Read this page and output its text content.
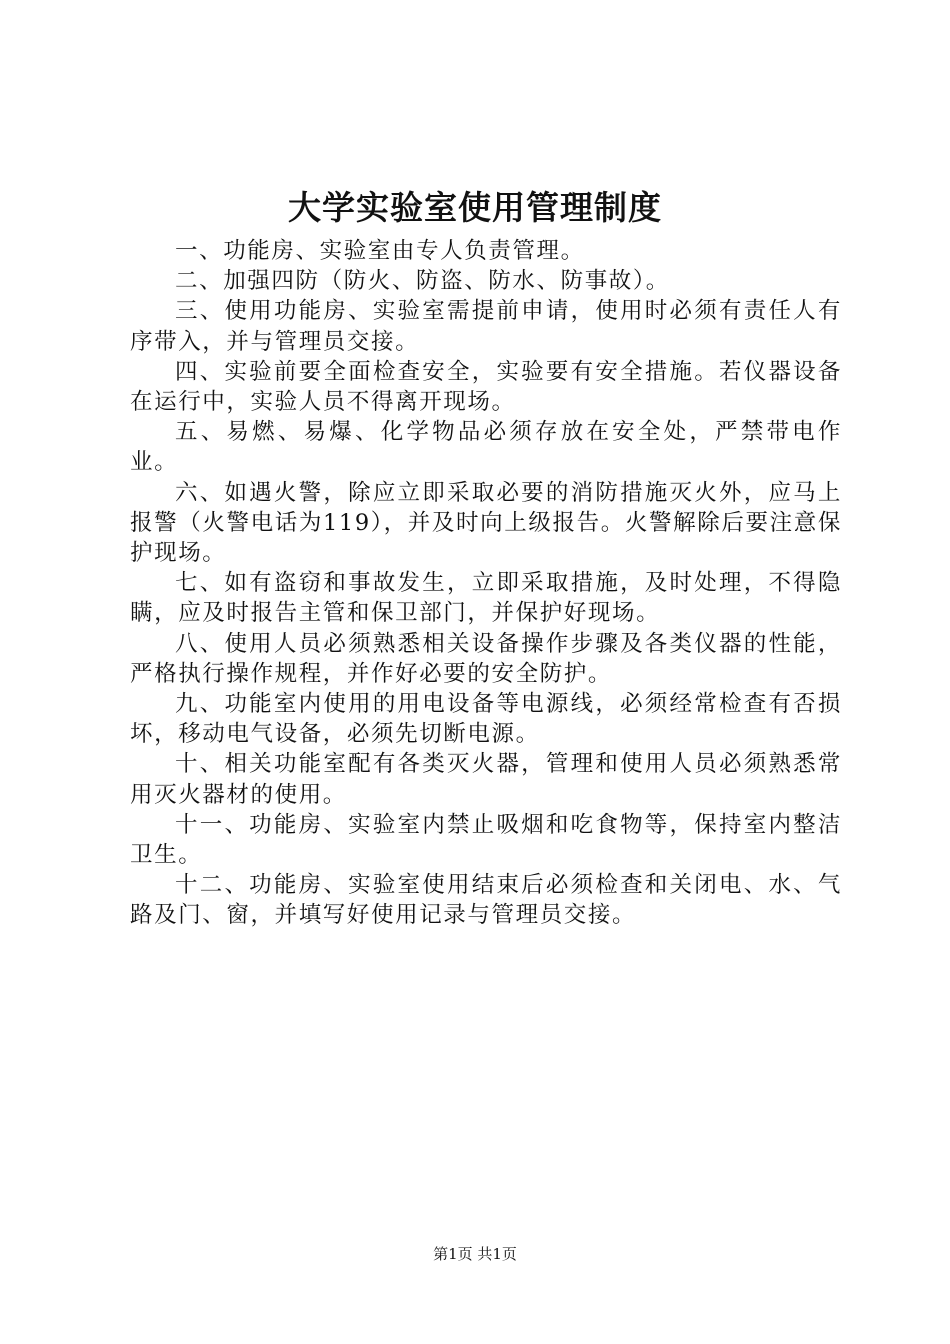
大学实验室使用管理制度

一、功能房、实验室由专人负责管理。

二、加强四防（防火、防盗、防水、防事故）。

三、使用功能房、实验室需提前申请，使用时必须有责任人有序带入，并与管理员交接。

四、实验前要全面检查安全，实验要有安全措施。若仪器设备在运行中，实验人员不得离开现场。

五、易燃、易爆、化学物品必须存放在安全处，严禁带电作业。

六、如遇火警，除应立即采取必要的消防措施灭火外，应马上报警（火警电话为119），并及时向上级报告。火警解除后要注意保护现场。

七、如有盗窃和事故发生，立即采取措施，及时处理，不得隐瞒，应及时报告主管和保卫部门，并保护好现场。

八、使用人员必须熟悉相关设备操作步骤及各类仪器的性能，严格执行操作规程，并作好必要的安全防护。

九、功能室内使用的用电设备等电源线，必须经常检查有否损坏，移动电气设备，必须先切断电源。

十、相关功能室配有各类灭火器，管理和使用人员必须熟悉常用灭火器材的使用。

十一、功能房、实验室内禁止吸烟和吃食物等，保持室内整洁卫生。

十二、功能房、实验室使用结束后必须检查和关闭电、水、气路及门、窗，并填写好使用记录与管理员交接。

第1页 共1页
